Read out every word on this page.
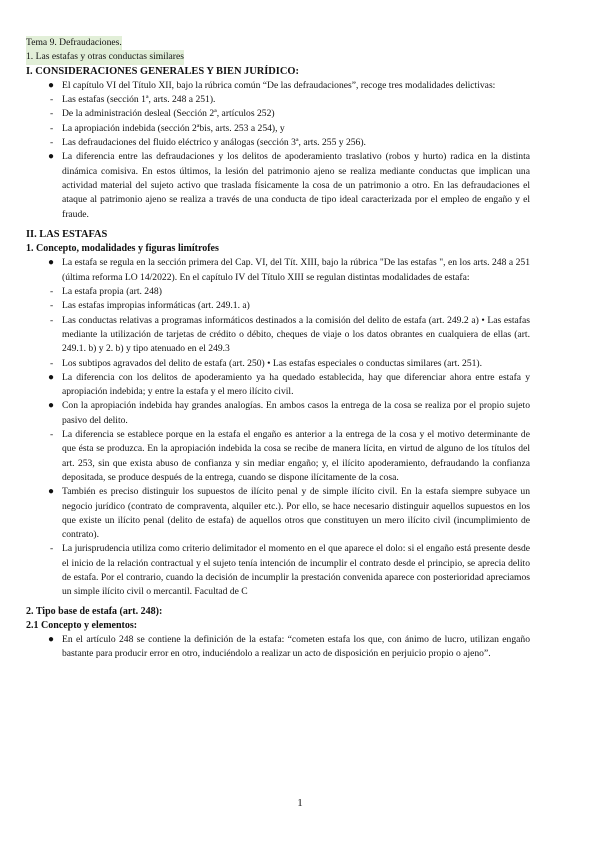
Tema 9. Defraudaciones.
1. Las estafas y otras conductas similares
I. CONSIDERACIONES GENERALES Y BIEN JURÍDICO:
● El capítulo VI del Título XII, bajo la rúbrica común “De las defraudaciones”, recoge tres modalidades delictivas:
- Las estafas (sección 1ª, arts. 248 a 251).
- De la administración desleal (Sección 2ª, artículos 252)
- La apropiación indebida (sección 2ªbis, arts. 253 a 254), y
- Las defraudaciones del fluido eléctrico y análogas (sección 3ª, arts. 255 y 256).
● La diferencia entre las defraudaciones y los delitos de apoderamiento traslativo (robos y hurto) radica en la distinta dinámica comisiva. En estos últimos, la lesión del patrimonio ajeno se realiza mediante conductas que implican una actividad material del sujeto activo que traslada físicamente la cosa de un patrimonio a otro. En las defraudaciones el ataque al patrimonio ajeno se realiza a través de una conducta de tipo ideal caracterizada por el empleo de engaño y el fraude.
II. LAS ESTAFAS
1. Concepto, modalidades y figuras limítrofes
● La estafa se regula en la sección primera del Cap. VI, del Tít. XIII, bajo la rúbrica "De las estafas ", en los arts. 248 a 251 (última reforma LO 14/2022). En el capítulo IV del Título XIII se regulan distintas modalidades de estafa:
- La estafa propia (art. 248)
- Las estafas impropias informáticas (art. 249.1. a)
- Las conductas relativas a programas informáticos destinados a la comisión del delito de estafa (art. 249.2 a) • Las estafas mediante la utilización de tarjetas de crédito o débito, cheques de viaje o los datos obrantes en cualquiera de ellas (art. 249.1. b) y 2. b) y tipo atenuado en el 249.3
- Los subtipos agravados del delito de estafa (art. 250) • Las estafas especiales o conductas similares (art. 251).
● La diferencia con los delitos de apoderamiento ya ha quedado establecida, hay que diferenciar ahora entre estafa y apropiación indebida; y entre la estafa y el mero ilícito civil.
● Con la apropiación indebida hay grandes analogías. En ambos casos la entrega de la cosa se realiza por el propio sujeto pasivo del delito.
- La diferencia se establece porque en la estafa el engaño es anterior a la entrega de la cosa y el motivo determinante de que ésta se produzca. En la apropiación indebida la cosa se recibe de manera lícita, en virtud de alguno de los títulos del art. 253, sin que exista abuso de confianza y sin mediar engaño; y, el ilícito apoderamiento, defraudando la confianza depositada, se produce después de la entrega, cuando se dispone ilícitamente de la cosa.
● También es preciso distinguir los supuestos de ilícito penal y de simple ilícito civil. En la estafa siempre subyace un negocio jurídico (contrato de compraventa, alquiler etc.). Por ello, se hace necesario distinguir aquellos supuestos en los que existe un ilícito penal (delito de estafa) de aquellos otros que constituyen un mero ilícito civil (incumplimiento de contrato).
- La jurisprudencia utiliza como criterio delimitador el momento en el que aparece el dolo: si el engaño está presente desde el inicio de la relación contractual y el sujeto tenía intención de incumplir el contrato desde el principio, se aprecia delito de estafa. Por el contrario, cuando la decisión de incumplir la prestación convenida aparece con posterioridad apreciamos un simple ilícito civil o mercantil. Facultad de C
2. Tipo base de estafa (art. 248):
2.1 Concepto y elementos:
● En el artículo 248 se contiene la definición de la estafa: “cometen estafa los que, con ánimo de lucro, utilizan engaño bastante para producir error en otro, induciéndolo a realizar un acto de disposición en perjuicio propio o ajeno”.
1
